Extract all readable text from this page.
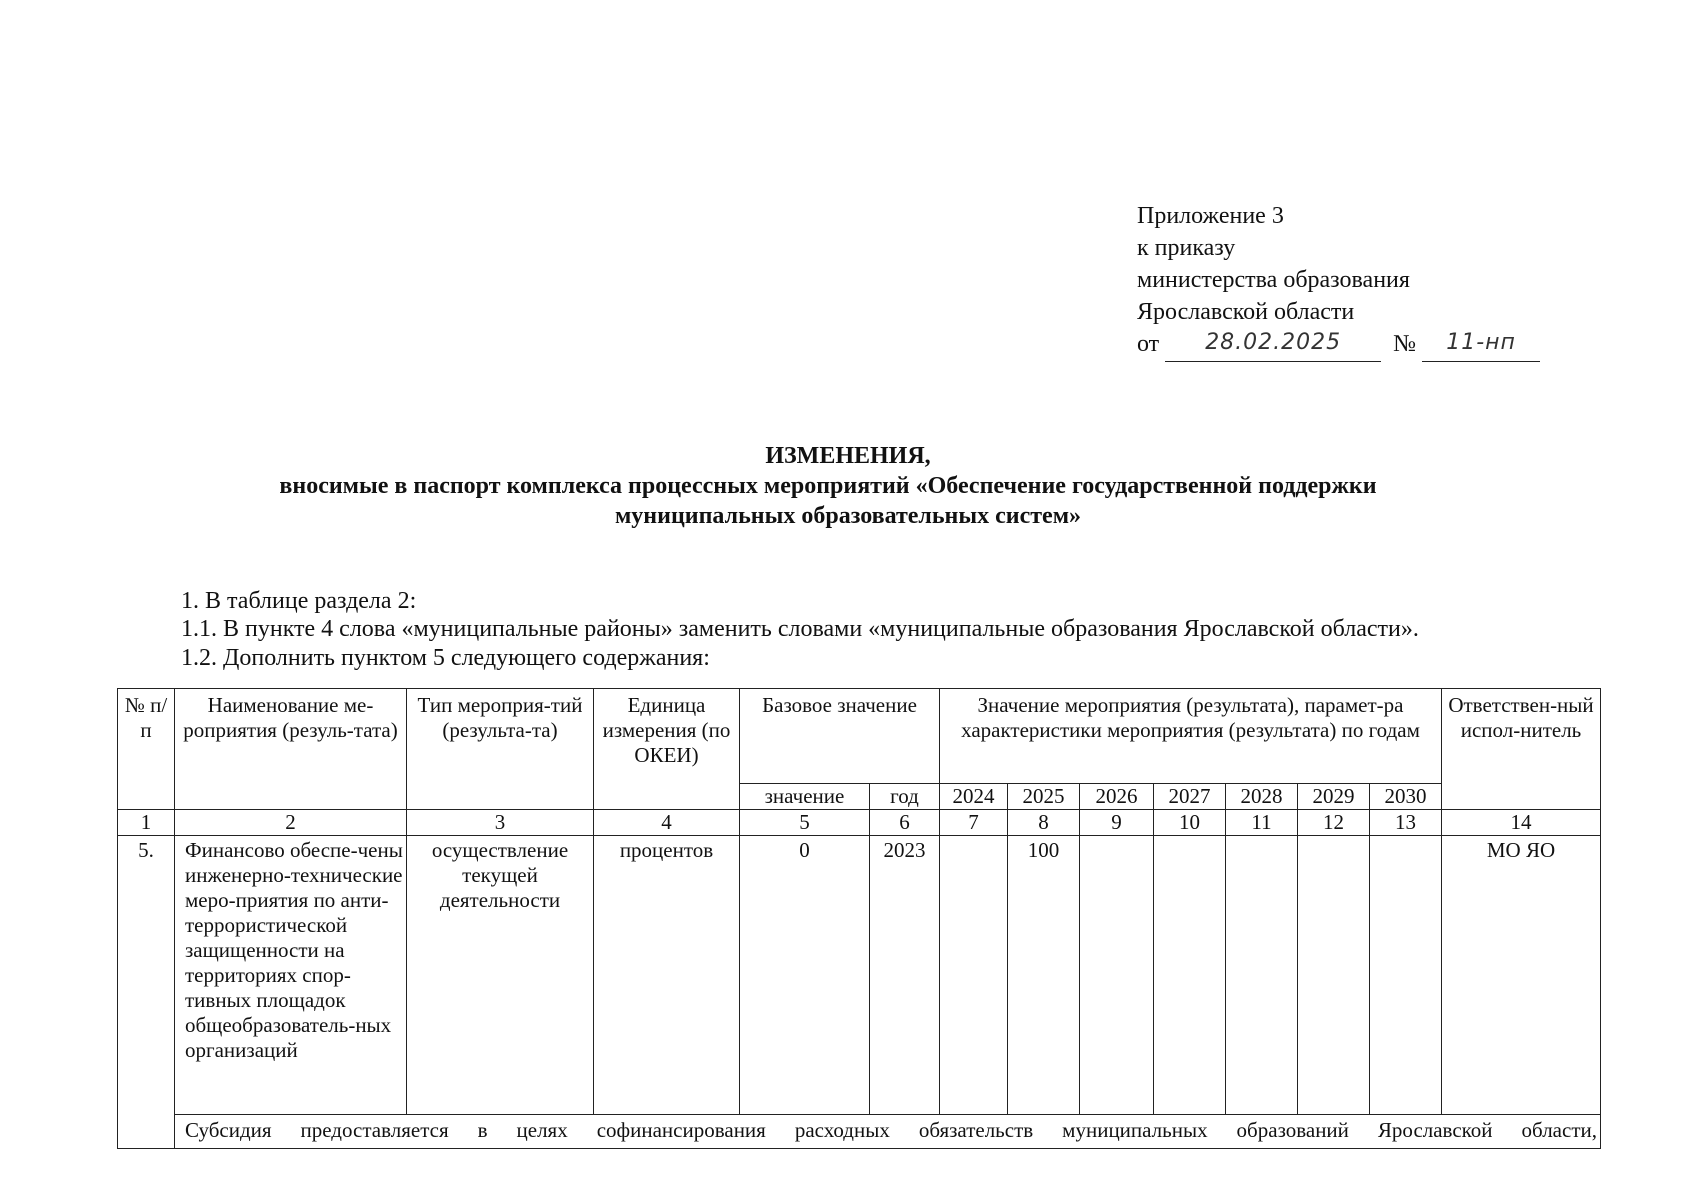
Приложение 3
к приказу
министерства образования
Ярославской области
от 28.02.2025 № 11-нп
ИЗМЕНЕНИЯ,
вносимые в паспорт комплекса процессных мероприятий «Обеспечение государственной поддержки
муниципальных образовательных систем»
1. В таблице раздела 2:
1.1. В пункте 4 слова «муниципальные районы» заменить словами «муниципальные образования Ярославской области».
1.2. Дополнить пунктом 5 следующего содержания:
№ п/п	Наименование ме-роприятия (резуль-тата)	Тип мероприя-тий (результа-та)	Единица измерения (по ОКЕИ)	Базовое значение		Значение мероприятия (результата), парамет-ра характеристики мероприятия (результата) по годам							Ответствен-ный испол-нитель
				значение	год	2024	2025	2026	2027	2028	2029	2030	
1	2	3	4	5	6	7	8	9	10	11	12	13	14
5.	Финансово обеспе-чены инженерно-технические меро-приятия по анти-террористической защищенности на территориях спор-тивных площадок общеобразователь-ных организаций	осуществление текущей деятельности	процентов	0	2023		100						МО ЯО

	Субсидия предоставляется в целях софинансирования расходных обязательств муниципальных образований Ярославской области,												
